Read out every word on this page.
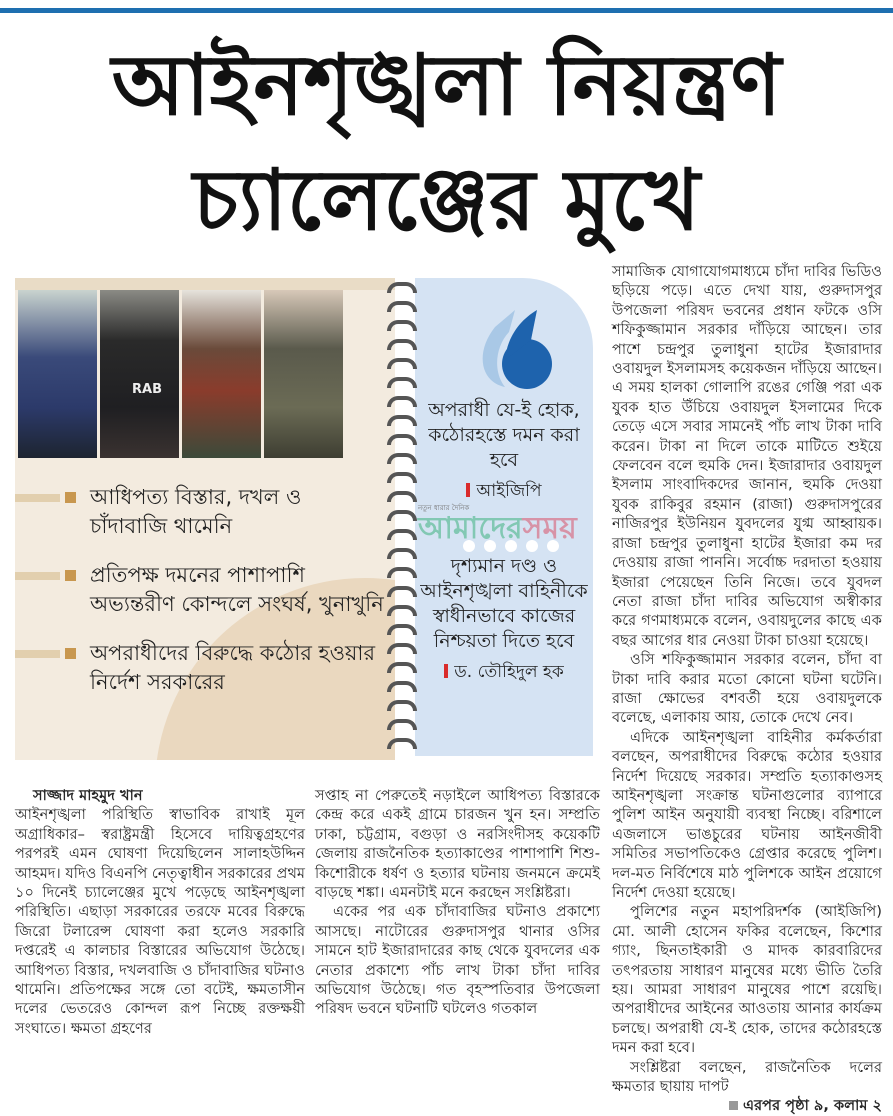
আইনশৃঙ্খলা নিয়ন্ত্রণ
চ্যালেঞ্জের মুখে
RAB
আধিপত্য বিস্তার, দখল ও চাঁদাবাজি থামেনি
প্রতিপক্ষ দমনের পাশাপাশি অভ্যন্তরীণ কোন্দলে সংঘর্ষ, খুনাখুনি
অপরাধীদের বিরুদ্ধে কঠোর হওয়ার নির্দেশ সরকারের
অপরাধী যে-ই হোক, কঠোরহস্তে দমন করা হবে
আইজিপি
দৃশ্যমান দণ্ড ও আইনশৃঙ্খলা বাহিনীকে স্বাধীনভাবে কাজের নিশ্চয়তা দিতে হবে
ড. তৌহিদুল হক
নতুন ধারার দৈনিক
আমাদেরসময়

সাজ্জাদ মাহমুদ খান

আইনশৃঙ্খলা পরিস্থিতি স্বাভাবিক রাখাই মূল অগ্রাধিকার– স্বরাষ্ট্রমন্ত্রী হিসেবে দায়িত্বগ্রহণের পরপরই এমন ঘোষণা দিয়েছিলেন সালাহউদ্দিন আহমদ। যদিও বিএনপি নেতৃত্বাধীন সরকারের প্রথম ১০ দিনেই চ্যালেঞ্জের মুখে পড়েছে আইনশৃঙ্খলা পরিস্থিতি। এছাড়া সরকারের তরফে মবের বিরুদ্ধে জিরো টলারেন্স ঘোষণা করা হলেও সরকারি দপ্তরেই এ কালচার বিস্তারের অভিযোগ উঠেছে। আধিপত্য বিস্তার, দখলবাজি ও চাঁদাবাজির ঘটনাও থামেনি। প্রতিপক্ষের সঙ্গে তো বটেই, ক্ষমতাসীন দলের ভেতরেও কোন্দল রূপ নিচ্ছে রক্তক্ষয়ী সংঘাতে। ক্ষমতা গ্রহণের

সপ্তাহ না পেরুতেই নড়াইলে আধিপত্য বিস্তারকে কেন্দ্র করে একই গ্রামে চারজন খুন হন। সম্প্রতি ঢাকা, চট্টগ্রাম, বগুড়া ও নরসিংদীসহ কয়েকটি জেলায় রাজনৈতিক হত্যাকাণ্ডের পাশাপাশি শিশু-কিশোরীকে ধর্ষণ ও হত্যার ঘটনায় জনমনে ক্রমেই বাড়ছে শঙ্কা। এমনটাই মনে করছেন সংশ্লিষ্টরা।

একের পর এক চাঁদাবাজির ঘটনাও প্রকাশ্যে আসছে। নাটোরের গুরুদাসপুর থানার ওসির সামনে হাট ইজারাদারের কাছ থেকে যুবদলের এক নেতার প্রকাশ্যে পাঁচ লাখ টাকা চাঁদা দাবির অভিযোগ উঠেছে। গত বৃহস্পতিবার উপজেলা পরিষদ ভবনে ঘটনাটি ঘটলেও গতকাল

সামাজিক যোগাযোগমাধ্যমে চাঁদা দাবির ভিডিও ছড়িয়ে পড়ে। এতে দেখা যায়, গুরুদাসপুর উপজেলা পরিষদ ভবনের প্রধান ফটকে ওসি শফিকুজ্জামান সরকার দাঁড়িয়ে আছেন। তার পাশে চন্দ্রপুর তুলাধুনা হাটের ইজারাদার ওবায়দুল ইসলামসহ কয়েকজন দাঁড়িয়ে আছেন। এ সময় হালকা গোলাপি রঙের গেঞ্জি পরা এক যুবক হাত উঁচিয়ে ওবায়দুল ইসলামের দিকে তেড়ে এসে সবার সামনেই পাঁচ লাখ টাকা দাবি করেন। টাকা না দিলে তাকে মাটিতে শুইয়ে ফেলবেন বলে হুমকি দেন। ইজারাদার ওবায়দুল ইসলাম সাংবাদিকদের জানান, হুমকি দেওয়া যুবক রাকিবুর রহমান (রাজা) গুরুদাসপুরের নাজিরপুর ইউনিয়ন যুবদলের যুগ্ম আহ্বায়ক। রাজা চন্দ্রপুর তুলাধুনা হাটের ইজারা কম দর দেওয়ায় রাজা পাননি। সর্বোচ্চ দরদাতা হওয়ায় ইজারা পেয়েছেন তিনি নিজে। তবে যুবদল নেতা রাজা চাঁদা দাবির অভিযোগ অস্বীকার করে গণমাধ্যমকে বলেন, ওবায়দুলের কাছে এক বছর আগের ধার নেওয়া টাকা চাওয়া হয়েছে।

ওসি শফিকুজ্জামান সরকার বলেন, চাঁদা বা টাকা দাবি করার মতো কোনো ঘটনা ঘটেনি। রাজা ক্ষোভের বশবর্তী হয়ে ওবায়দুলকে বলেছে, এলাকায় আয়, তোকে দেখে নেব।

এদিকে আইনশৃঙ্খলা বাহিনীর কর্মকর্তারা বলছেন, অপরাধীদের বিরুদ্ধে কঠোর হওয়ার নির্দেশ দিয়েছে সরকার। সম্প্রতি হত্যাকাণ্ডসহ আইনশৃঙ্খলা সংক্রান্ত ঘটনাগুলোর ব্যাপারে পুলিশ আইন অনুযায়ী ব্যবস্থা নিচ্ছে। বরিশালে এজলাসে ভাঙচুরের ঘটনায় আইনজীবী সমিতির সভাপতিকেও গ্রেপ্তার করেছে পুলিশ। দল-মত নির্বিশেষে মাঠ পুলিশকে আইন প্রয়োগে নির্দেশ দেওয়া হয়েছে।

পুলিশের নতুন মহাপরিদর্শক (আইজিপি) মো. আলী হোসেন ফকির বলেছেন, কিশোর গ্যাং, ছিনতাইকারী ও মাদক কারবারিদের তৎপরতায় সাধারণ মানুষের মধ্যে ভীতি তৈরি হয়। আমরা সাধারণ মানুষের পাশে রয়েছি। অপরাধীদের আইনের আওতায় আনার কার্যক্রম চলছে। অপরাধী যে-ই হোক, তাদের কঠোরহস্তে দমন করা হবে।

সংশ্লিষ্টরা বলছেন, রাজনৈতিক দলের ক্ষমতার ছায়ায় দাপট
এরপর পৃষ্ঠা ৯, কলাম ২
